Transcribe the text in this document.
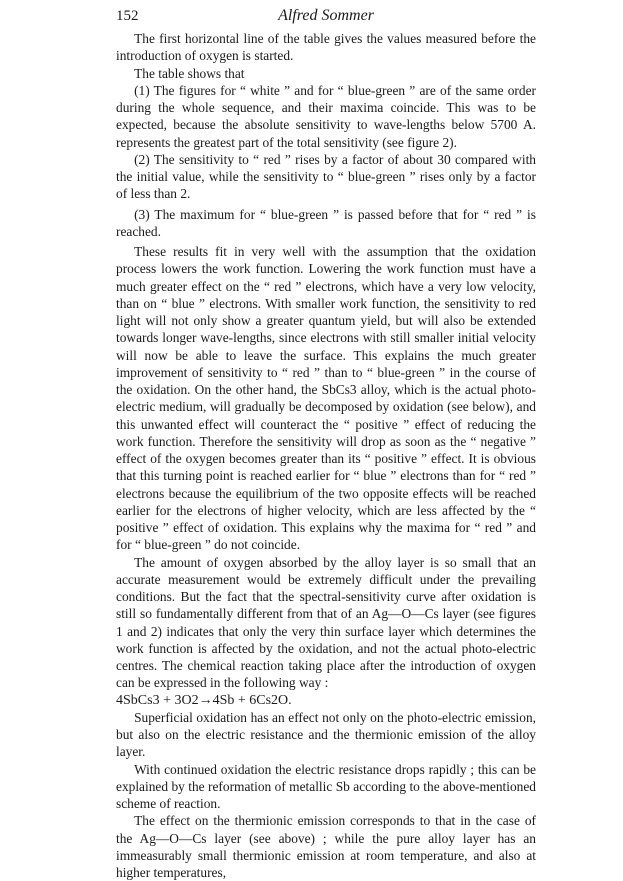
152	Alfred Sommer

The first horizontal line of the table gives the values measured before the introduction of oxygen is started.

The table shows that

(1) The figures for “ white ” and for “ blue-green ” are of the same order during the whole sequence, and their maxima coincide. This was to be expected, because the absolute sensitivity to wave-lengths below 5700 A. represents the greatest part of the total sensitivity (see figure 2).

(2) The sensitivity to “ red ” rises by a factor of about 30 compared with the initial value, while the sensitivity to “ blue-green ” rises only by a factor of less than 2.

(3) The maximum for “ blue-green ” is passed before that for “ red ” is reached.

These results fit in very well with the assumption that the oxidation process lowers the work function. Lowering the work function must have a much greater effect on the “ red ” electrons, which have a very low velocity, than on “ blue ” electrons. With smaller work function, the sensitivity to red light will not only show a greater quantum yield, but will also be extended towards longer wave-lengths, since electrons with still smaller initial velocity will now be able to leave the surface. This explains the much greater improvement of sensitivity to “ red ” than to “ blue-green ” in the course of the oxidation. On the other hand, the SbCs3 alloy, which is the actual photo-electric medium, will gradually be decomposed by oxidation (see below), and this unwanted effect will counteract the “ positive ” effect of reducing the work function. Therefore the sensitivity will drop as soon as the “ negative ” effect of the oxygen becomes greater than its “ positive ” effect. It is obvious that this turning point is reached earlier for “ blue ” electrons than for “ red ” electrons because the equilibrium of the two opposite effects will be reached earlier for the electrons of higher velocity, which are less affected by the “ positive ” effect of oxidation. This explains why the maxima for “ red ” and for “ blue-green ” do not coincide.

The amount of oxygen absorbed by the alloy layer is so small that an accurate measurement would be extremely difficult under the prevailing conditions. But the fact that the spectral-sensitivity curve after oxidation is still so fundamentally different from that of an Ag—O—Cs layer (see figures 1 and 2) indicates that only the very thin surface layer which determines the work function is affected by the oxidation, and not the actual photo-electric centres. The chemical reaction taking place after the introduction of oxygen can be expressed in the following way :

4SbCs3 + 3O2→4Sb + 6Cs2O.

Superficial oxidation has an effect not only on the photo-electric emission, but also on the electric resistance and the thermionic emission of the alloy layer.

With continued oxidation the electric resistance drops rapidly ; this can be explained by the reformation of metallic Sb according to the above-mentioned scheme of reaction.

The effect on the thermionic emission corresponds to that in the case of the Ag—O—Cs layer (see above) ; while the pure alloy layer has an immeasurably small thermionic emission at room temperature, and also at higher temperatures,
